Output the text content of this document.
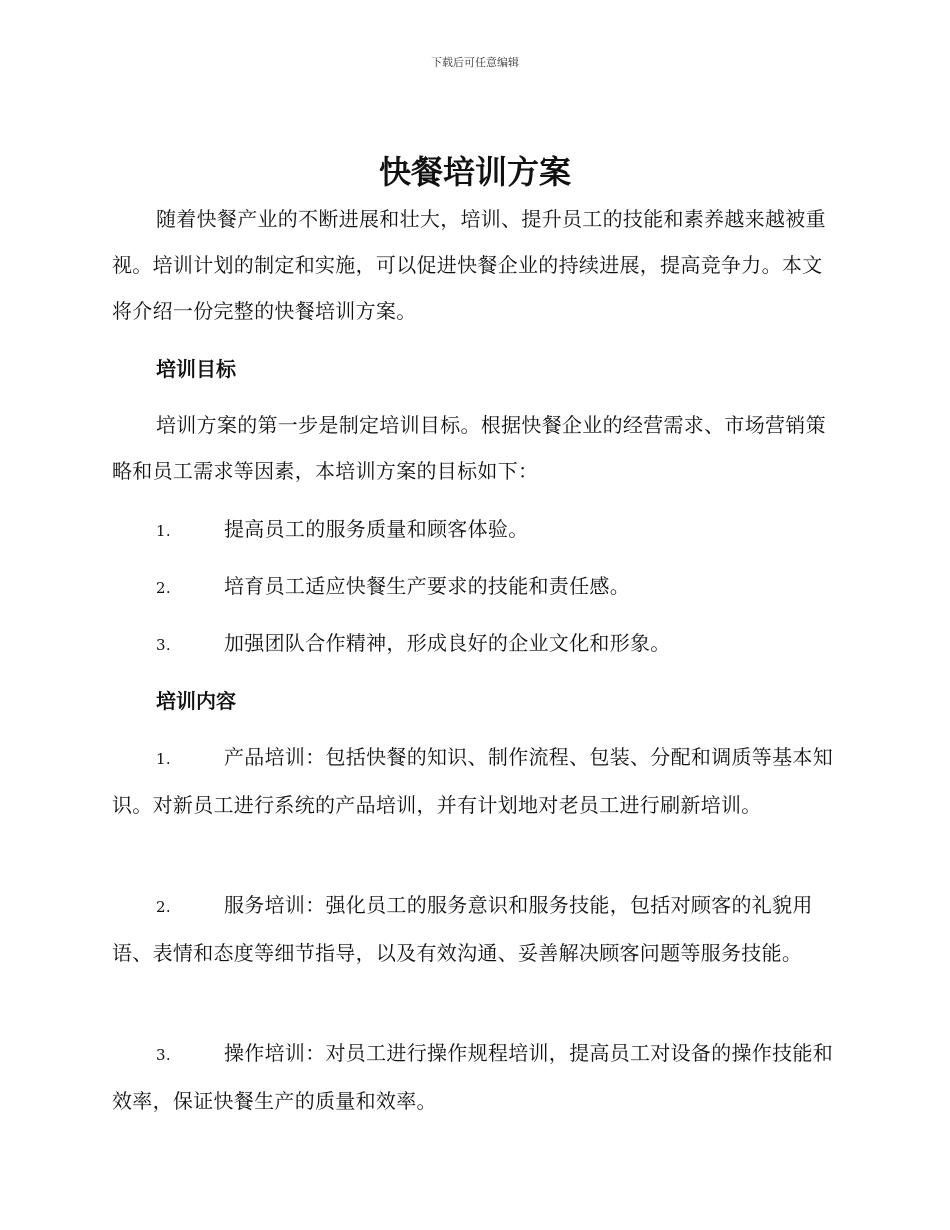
下载后可任意编辑
快餐培训方案
随着快餐产业的不断进展和壮大，培训、提升员工的技能和素养越来越被重视。培训计划的制定和实施，可以促进快餐企业的持续进展，提高竞争力。本文将介绍一份完整的快餐培训方案。
培训目标
培训方案的第一步是制定培训目标。根据快餐企业的经营需求、市场营销策略和员工需求等因素，本培训方案的目标如下：
1.	提高员工的服务质量和顾客体验。
2.	培育员工适应快餐生产要求的技能和责任感。
3.	加强团队合作精神，形成良好的企业文化和形象。
培训内容
1.	产品培训：包括快餐的知识、制作流程、包装、分配和调质等基本知识。对新员工进行系统的产品培训，并有计划地对老员工进行刷新培训。
2.	服务培训：强化员工的服务意识和服务技能，包括对顾客的礼貌用语、表情和态度等细节指导，以及有效沟通、妥善解决顾客问题等服务技能。
3.	操作培训：对员工进行操作规程培训，提高员工对设备的操作技能和效率，保证快餐生产的质量和效率。
